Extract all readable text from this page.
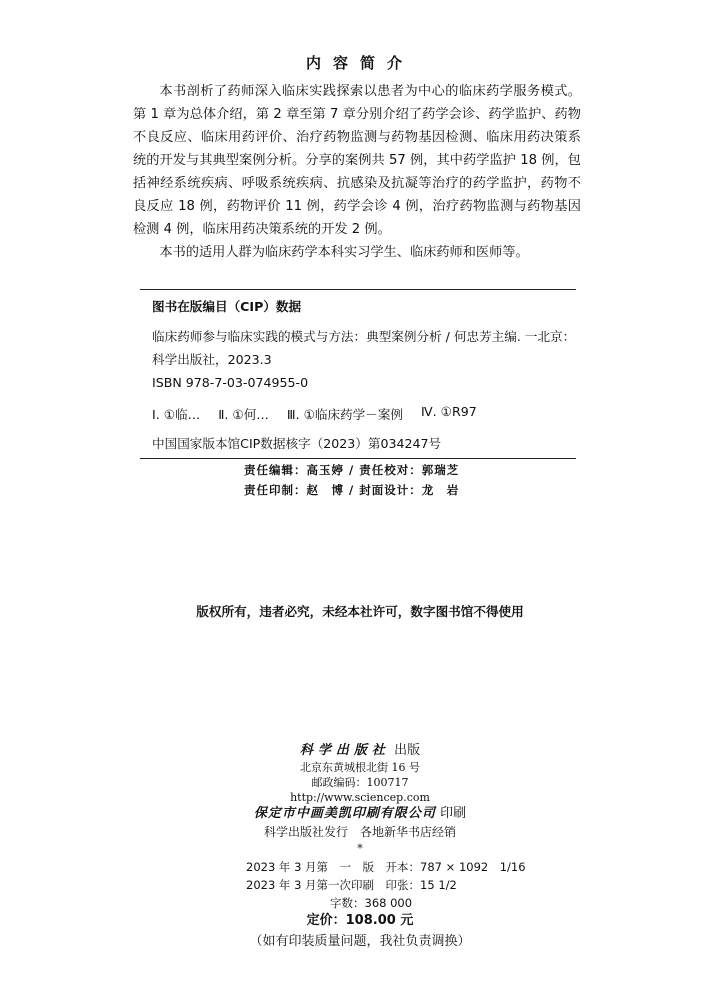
内容简介

本书剖析了药师深入临床实践探索以患者为中心的临床药学服务模式。第 1 章为总体介绍，第 2 章至第 7 章分别介绍了药学会诊、药学监护、药物不良反应、临床用药评价、治疗药物监测与药物基因检测、临床用药决策系统的开发与其典型案例分析。分享的案例共 57 例，其中药学监护 18 例，包括神经系统疾病、呼吸系统疾病、抗感染及抗凝等治疗的药学监护，药物不良反应 18 例，药物评价 11 例，药学会诊 4 例，治疗药物监测与药物基因检测 4 例，临床用药决策系统的开发 2 例。

本书的适用人群为临床药学本科实习学生、临床药师和医师等。

图书在版编目（CIP）数据
临床药师参与临床实践的模式与方法：典型案例分析 / 何忠芳主编. 一北京：科学出版社，2023.3
ISBN 978-7-03-074955-0
Ⅰ. ①临… Ⅱ. ①何… Ⅲ. ①临床药学－案例 Ⅳ. ①R97
中国国家版本馆CIP数据核字（2023）第034247号
责任编辑：高玉婷 / 责任校对：郭瑞芝
责任印制：赵　博 / 封面设计：龙　岩
版权所有，违者必究，未经本社许可，数字图书馆不得使用
科学出版社 出版
北京东黄城根北街 16 号
邮政编码：100717
http://www.sciencep.com
保定市中画美凯印刷有限公司 印刷
科学出版社发行　各地新华书店经销
*
2023 年 3 月第　一　版　开本：787 × 1092　1/16
2023 年 3 月第一次印刷　印张：15 1/2
字数：368 000
定价：108.00 元
（如有印装质量问题，我社负责调换）
